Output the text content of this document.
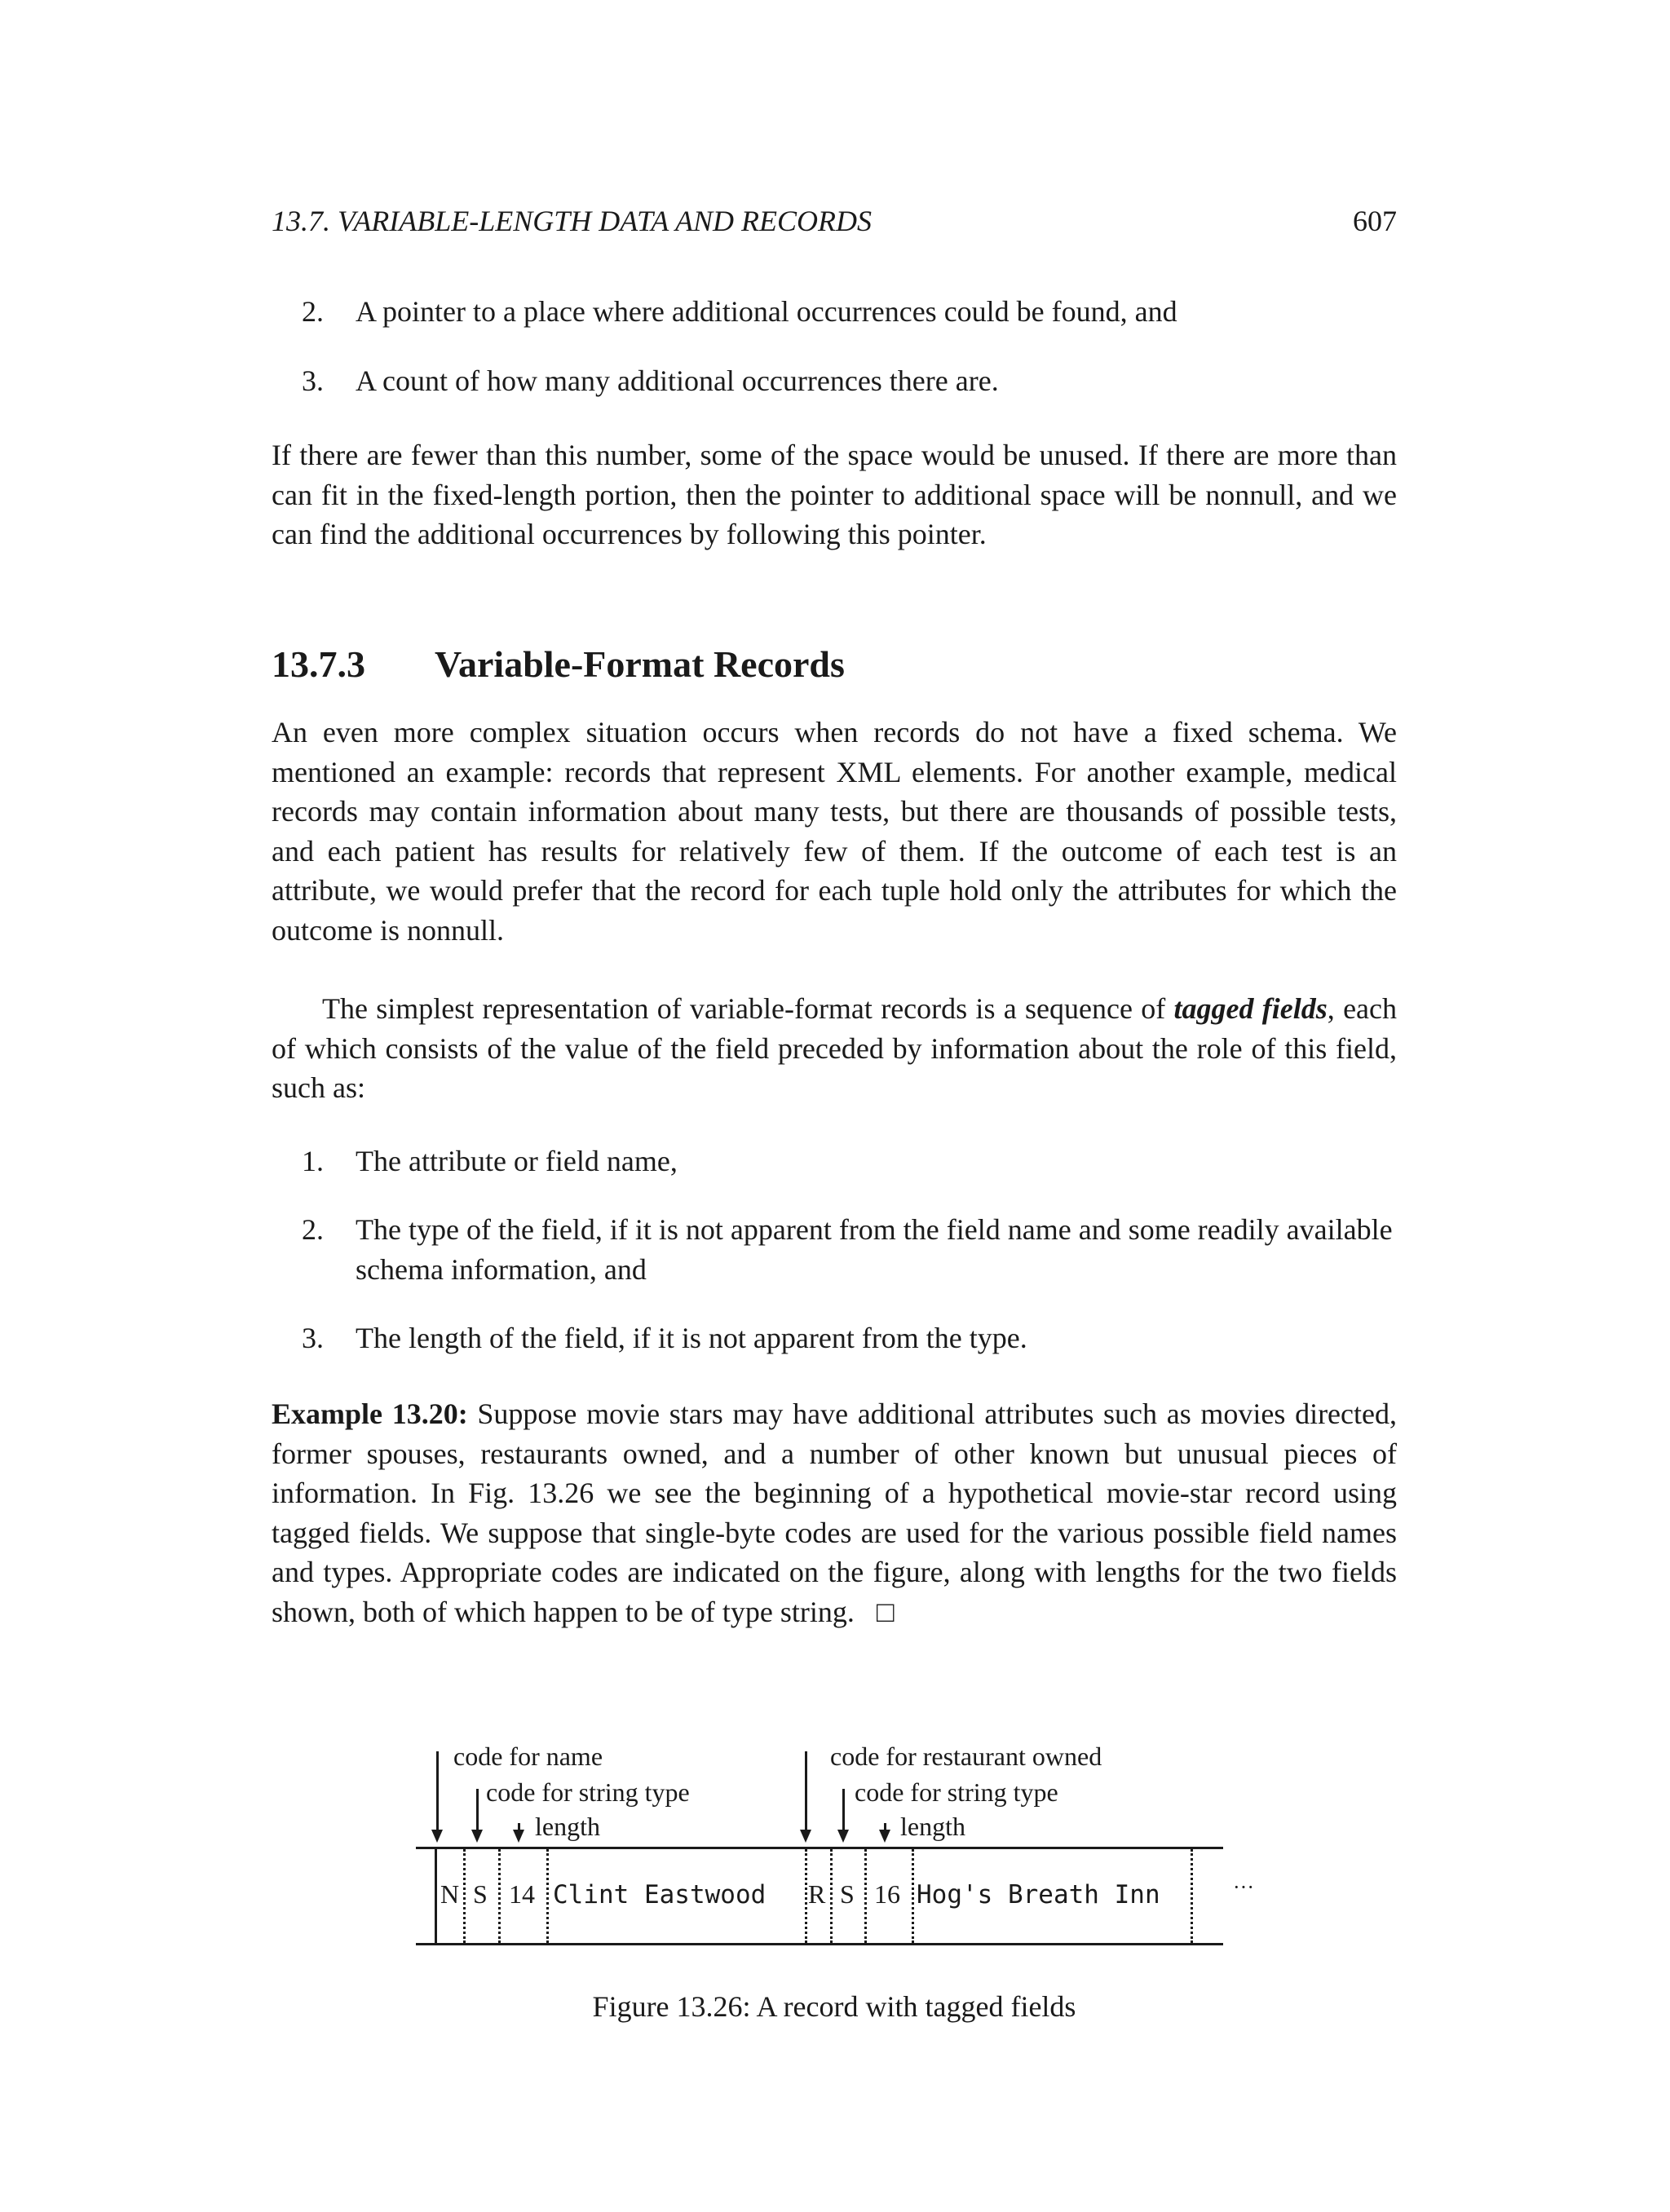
13.7. VARIABLE-LENGTH DATA AND RECORDS	607
2. A pointer to a place where additional occurrences could be found, and
3. A count of how many additional occurrences there are.
If there are fewer than this number, some of the space would be unused. If there are more than can fit in the fixed-length portion, then the pointer to additional space will be nonnull, and we can find the additional occurrences by following this pointer.
13.7.3 Variable-Format Records
An even more complex situation occurs when records do not have a fixed schema. We mentioned an example: records that represent XML elements. For another example, medical records may contain information about many tests, but there are thousands of possible tests, and each patient has results for relatively few of them. If the outcome of each test is an attribute, we would prefer that the record for each tuple hold only the attributes for which the outcome is nonnull.
The simplest representation of variable-format records is a sequence of tagged fields, each of which consists of the value of the field preceded by information about the role of this field, such as:
1. The attribute or field name,
2. The type of the field, if it is not apparent from the field name and some readily available schema information, and
3. The length of the field, if it is not apparent from the type.
Example 13.20: Suppose movie stars may have additional attributes such as movies directed, former spouses, restaurants owned, and a number of other known but unusual pieces of information. In Fig. 13.26 we see the beginning of a hypothetical movie-star record using tagged fields. We suppose that single-byte codes are used for the various possible field names and types. Appropriate codes are indicated on the figure, along with lengths for the two fields shown, both of which happen to be of type string. □
code for name
code for string type
length
code for restaurant owned
code for string type
length
N S 14 Clint Eastwood R S 16 Hog's Breath Inn	···
Figure 13.26: A record with tagged fields
